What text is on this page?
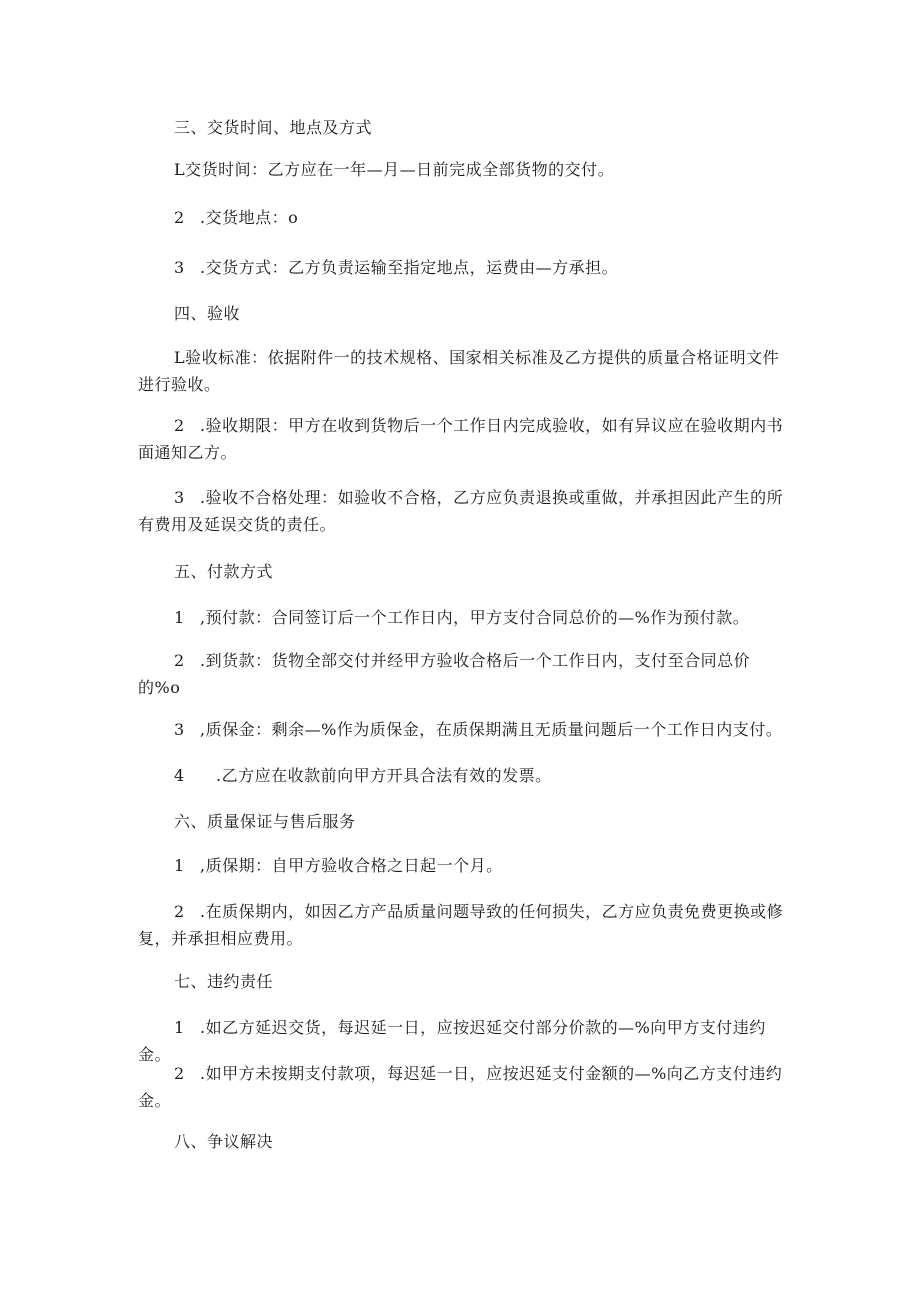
三、交货时间、地点及方式
L交货时间：乙方应在一年—月—日前完成全部货物的交付。
2 .交货地点：o
3 .交货方式：乙方负责运输至指定地点，运费由—方承担。
四、验收
L验收标准：依据附件一的技术规格、国家相关标准及乙方提供的质量合格证明文件进行验收。
2 .验收期限：甲方在收到货物后一个工作日内完成验收，如有异议应在验收期内书面通知乙方。
3 .验收不合格处理：如验收不合格，乙方应负责退换或重做，并承担因此产生的所有费用及延误交货的责任。
五、付款方式
1 ,预付款：合同签订后一个工作日内，甲方支付合同总价的—%作为预付款。
2 .到货款：货物全部交付并经甲方验收合格后一个工作日内，支付至合同总价的%o
3 ,质保金：剩余—%作为质保金，在质保期满且无质量问题后一个工作日内支付。
4 .乙方应在收款前向甲方开具合法有效的发票。
六、质量保证与售后服务
1 ,质保期：自甲方验收合格之日起一个月。
2 .在质保期内，如因乙方产品质量问题导致的任何损失，乙方应负责免费更换或修复，并承担相应费用。
七、违约责任
1 .如乙方延迟交货，每迟延一日，应按迟延交付部分价款的—%向甲方支付违约金。
2 .如甲方未按期支付款项，每迟延一日，应按迟延支付金额的—%向乙方支付违约金。
八、争议解决
